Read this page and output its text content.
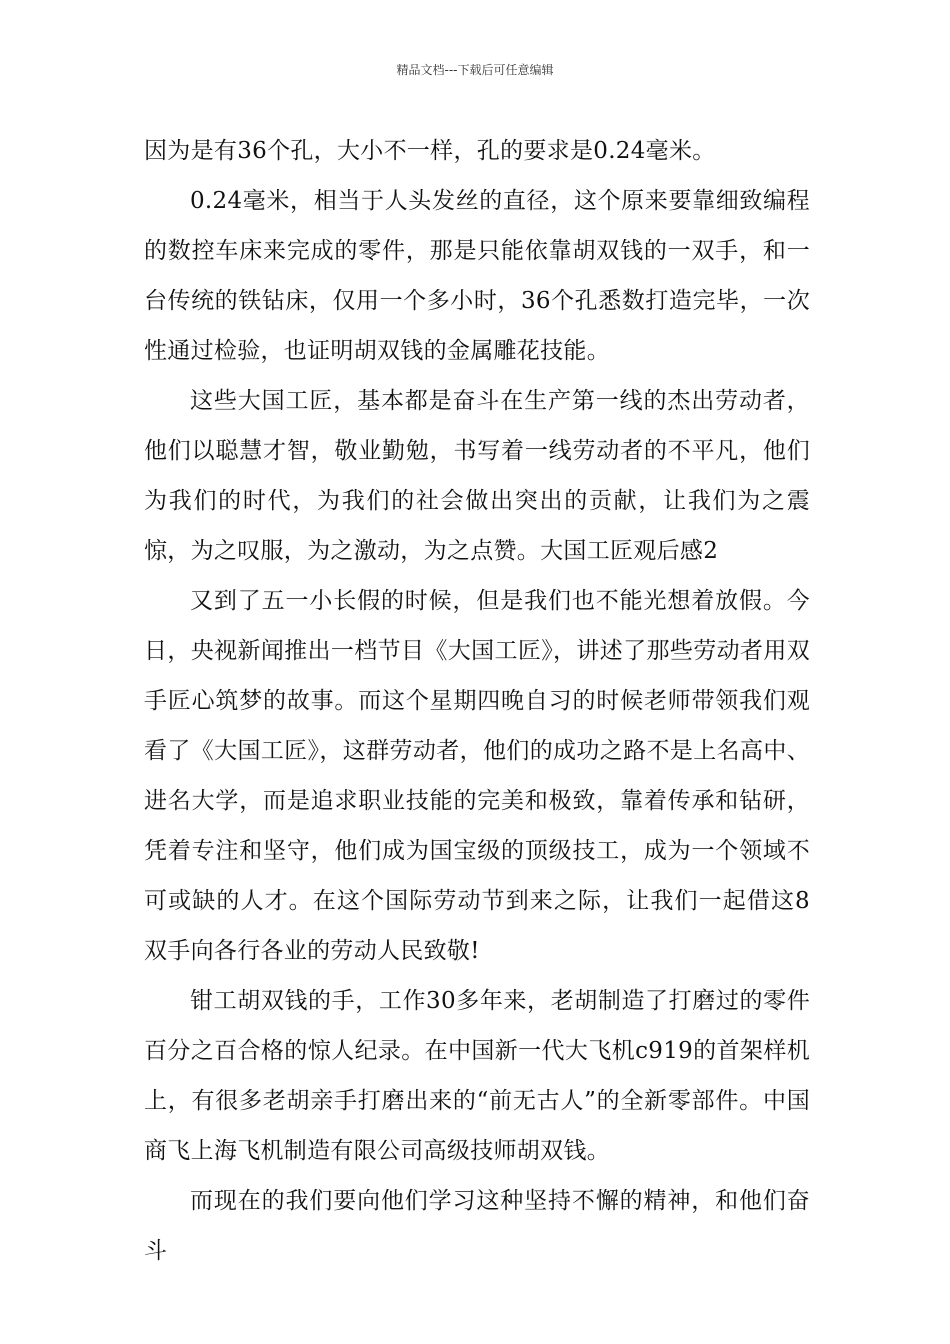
精品文档---下载后可任意编辑

因为是有36个孔，大小不一样，孔的要求是0.24毫米。

0.24毫米，相当于人头发丝的直径，这个原来要靠细致编程的数控车床来完成的零件，那是只能依靠胡双钱的一双手，和一台传统的铁钻床，仅用一个多小时，36个孔悉数打造完毕，一次性通过检验，也证明胡双钱的金属雕花技能。

这些大国工匠，基本都是奋斗在生产第一线的杰出劳动者，他们以聪慧才智，敬业勤勉，书写着一线劳动者的不平凡，他们为我们的时代，为我们的社会做出突出的贡献，让我们为之震惊，为之叹服，为之激动，为之点赞。大国工匠观后感2

又到了五一小长假的时候，但是我们也不能光想着放假。今日，央视新闻推出一档节目《大国工匠》，讲述了那些劳动者用双手匠心筑梦的故事。而这个星期四晚自习的时候老师带领我们观看了《大国工匠》，这群劳动者，他们的成功之路不是上名高中、进名大学，而是追求职业技能的完美和极致，靠着传承和钻研，凭着专注和坚守，他们成为国宝级的顶级技工，成为一个领域不可或缺的人才。在这个国际劳动节到来之际，让我们一起借这8双手向各行各业的劳动人民致敬!

钳工胡双钱的手，工作30多年来，老胡制造了打磨过的零件百分之百合格的惊人纪录。在中国新一代大飞机c919的首架样机上，有很多老胡亲手打磨出来的“前无古人”的全新零部件。中国商飞上海飞机制造有限公司高级技师胡双钱。

而现在的我们要向他们学习这种坚持不懈的精神，和他们奋斗
